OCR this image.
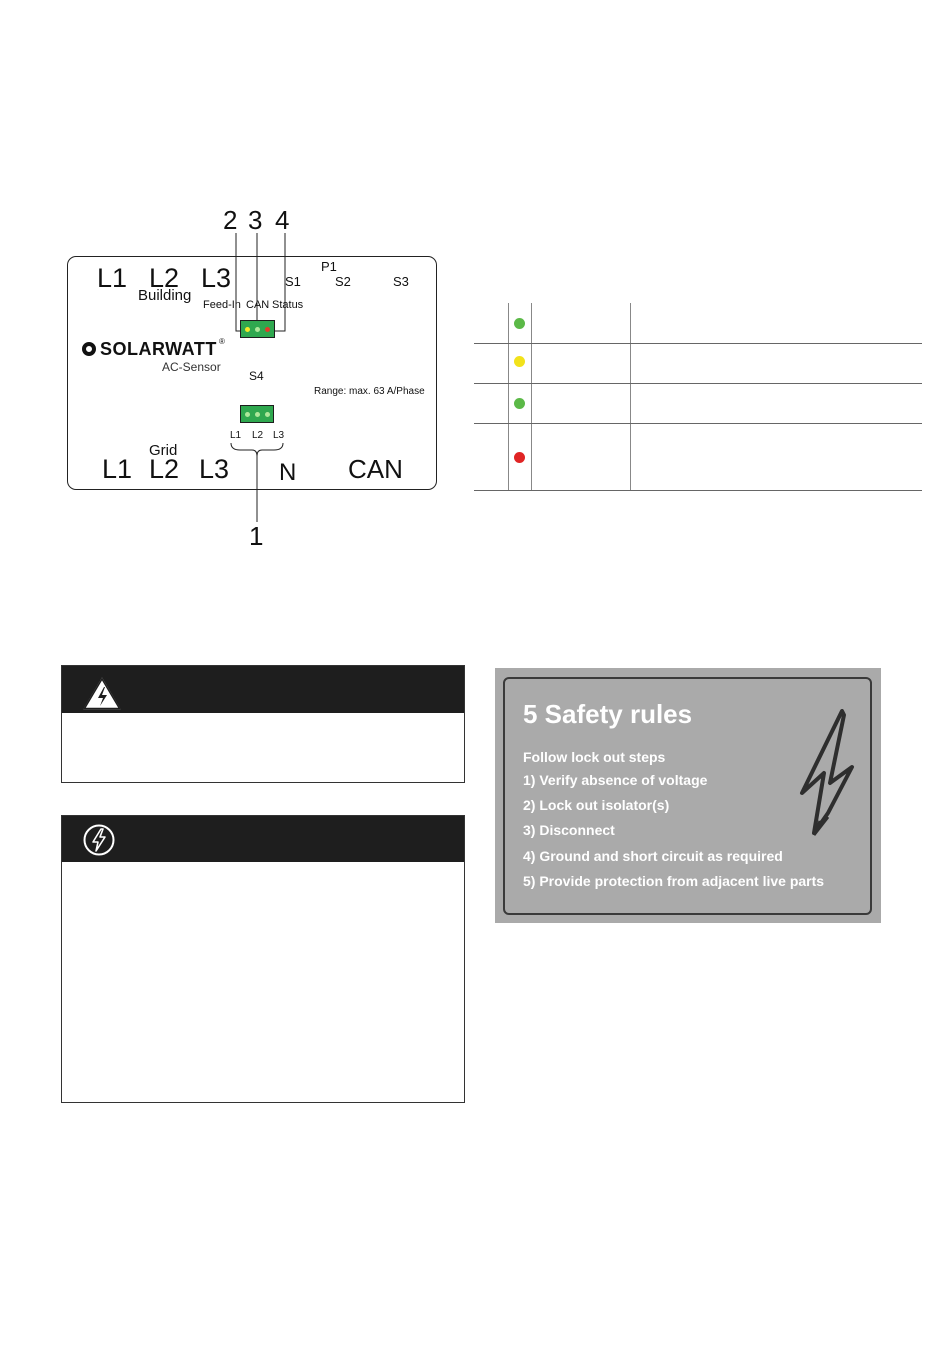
2 3 4
1
L1 L2 L3
Building
P1
S1	S2	S3
Feed-In CAN Status
SOLARWATT ®
AC-Sensor
S4
Range: max. 63 A/Phase
L1 L2 L3
Grid
L1 L2 L3 N CAN
5 Safety rules
Follow lock out steps
1) Verify absence of voltage
2) Lock out isolator(s)
3) Disconnect
4) Ground and short circuit as required
5) Provide protection from adjacent live parts
